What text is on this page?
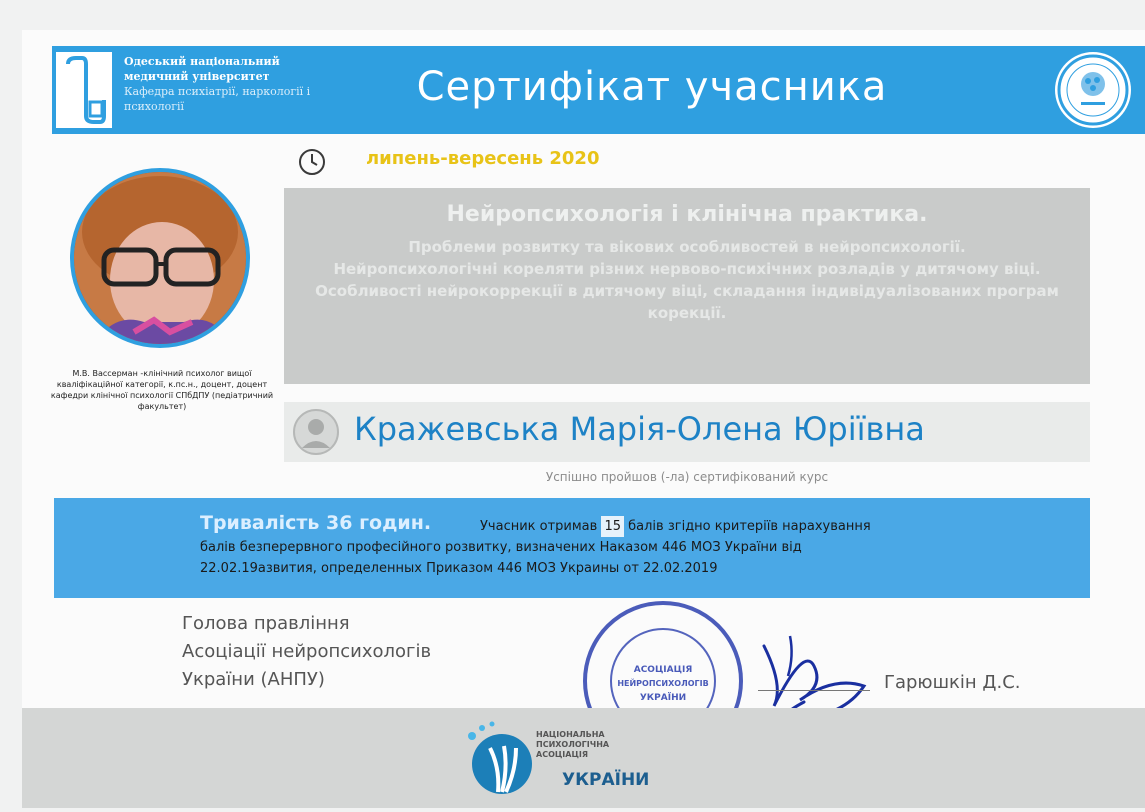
Одеський національний медичний університет
Кафедра психіатрії, наркології і психології	Сертифікат учасника
липень-вересень 2020
М.В. Вассерман -клінічний психолог вищої кваліфікаційної категорії, к.пс.н., доцент, доцент кафедри клінічної психології СПбДПУ (педіатричний факультет)
Нейропсихологія і клінічна практика.
Проблеми розвитку та вікових особливостей в нейропсихології.
Нейропсихологічні кореляти різних нервово-психічних розладів у дитячому віці.
Особливості нейрокоррекції в дитячому віці, складання індивідуалізованих програм корекції.
Кражевська Марія-Олена Юріївна
Успішно пройшов (-ла) сертифікований курс
Тривалість 36 годин.	Учасник отримав 15 балів згідно критеріїв нарахування
балів безперервного професійного розвитку, визначених Наказом 446 МОЗ України від
22.02.19азвития, определенных Приказом 446 МОЗ Украины от 22.02.2019
Голова правління
Асоціації нейропсихологів
України (АНПУ)	АСОЦІАЦІЯ
НЕЙРОПСИХОЛОГІВ
УКРАЇНИ
Гарюшкін Д.С.
НАЦІОНАЛЬНА
ПСИХОЛОГІЧНА
АСОЦІАЦІЯ
УКРАЇНИ
